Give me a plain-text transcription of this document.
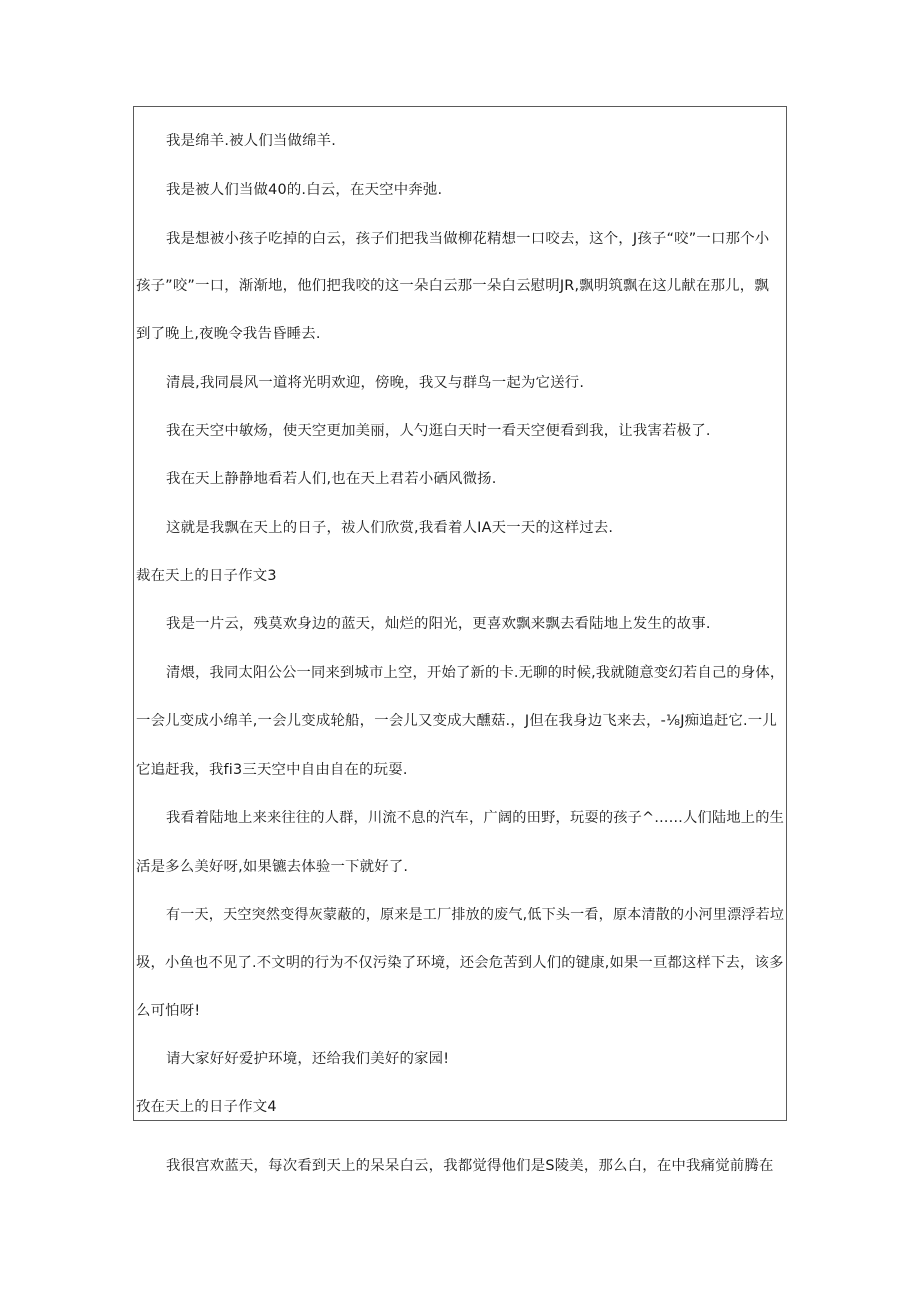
我是绵羊.被人们当做绵羊.
我是被人们当做40的.白云，在天空中奔弛.
我是想被小孩子吃掉的白云，孩子们把我当做柳花精想一口咬去，这个，J孩子“咬”一口那个小
孩子”咬”一口，渐渐地，他们把我咬的这一朵白云那一朵白云慰明JR,飘明筑飘在这儿献在那儿，飘
到了晚上,夜晚令我告昏睡去.
清晨,我同晨风一道将光明欢迎，傍晚，我又与群鸟一起为它送行.
我在天空中敏炀，使天空更加美丽，人勺逛白天时一看天空便看到我，让我害若极了.
我在天上静静地看若人们,也在天上君若小硒风微扬.
这就是我飘在天上的日子，祓人们欣赏,我看着人IA天一天的这样过去.
裁在天上的日子作文3
我是一片云，残莫欢身边的蓝天，灿烂的阳光，更喜欢飘来飘去看陆地上发生的故事.
清煨，我同太阳公公一同来到城市上空，开始了新的卡.无聊的时候,我就随意变幻若自己的身体，
一会儿变成小绵羊,一会儿变成轮船，一会儿又变成大醺菇.，J但在我身边飞来去，-⅛J痴追赶它.一儿
它追赶我，我fi3三天空中自由自在的玩耍.
我看着陆地上来来往往的人群，川流不息的汽车，广阔的田野，玩耍的孩子^……人们陆地上的生
活是多么美好呀,如果镳去体验一下就好了.
有一天，天空突然变得灰蒙蔽的，原来是工厂排放的废气,低下头一看，原本清散的小河里漂浮若垃
圾，小鱼也不见了.不文明的行为不仅污染了环境，还会危苦到人们的键康,如果一亘都这样下去，该多
么可怕呀!
请大家好好爱护环境，还给我们美好的家园!
孜在天上的日子作文4
我很宫欢蓝天，每次看到天上的呆呆白云，我都觉得他们是S陵美，那么白，在中我痛觉前腾在
